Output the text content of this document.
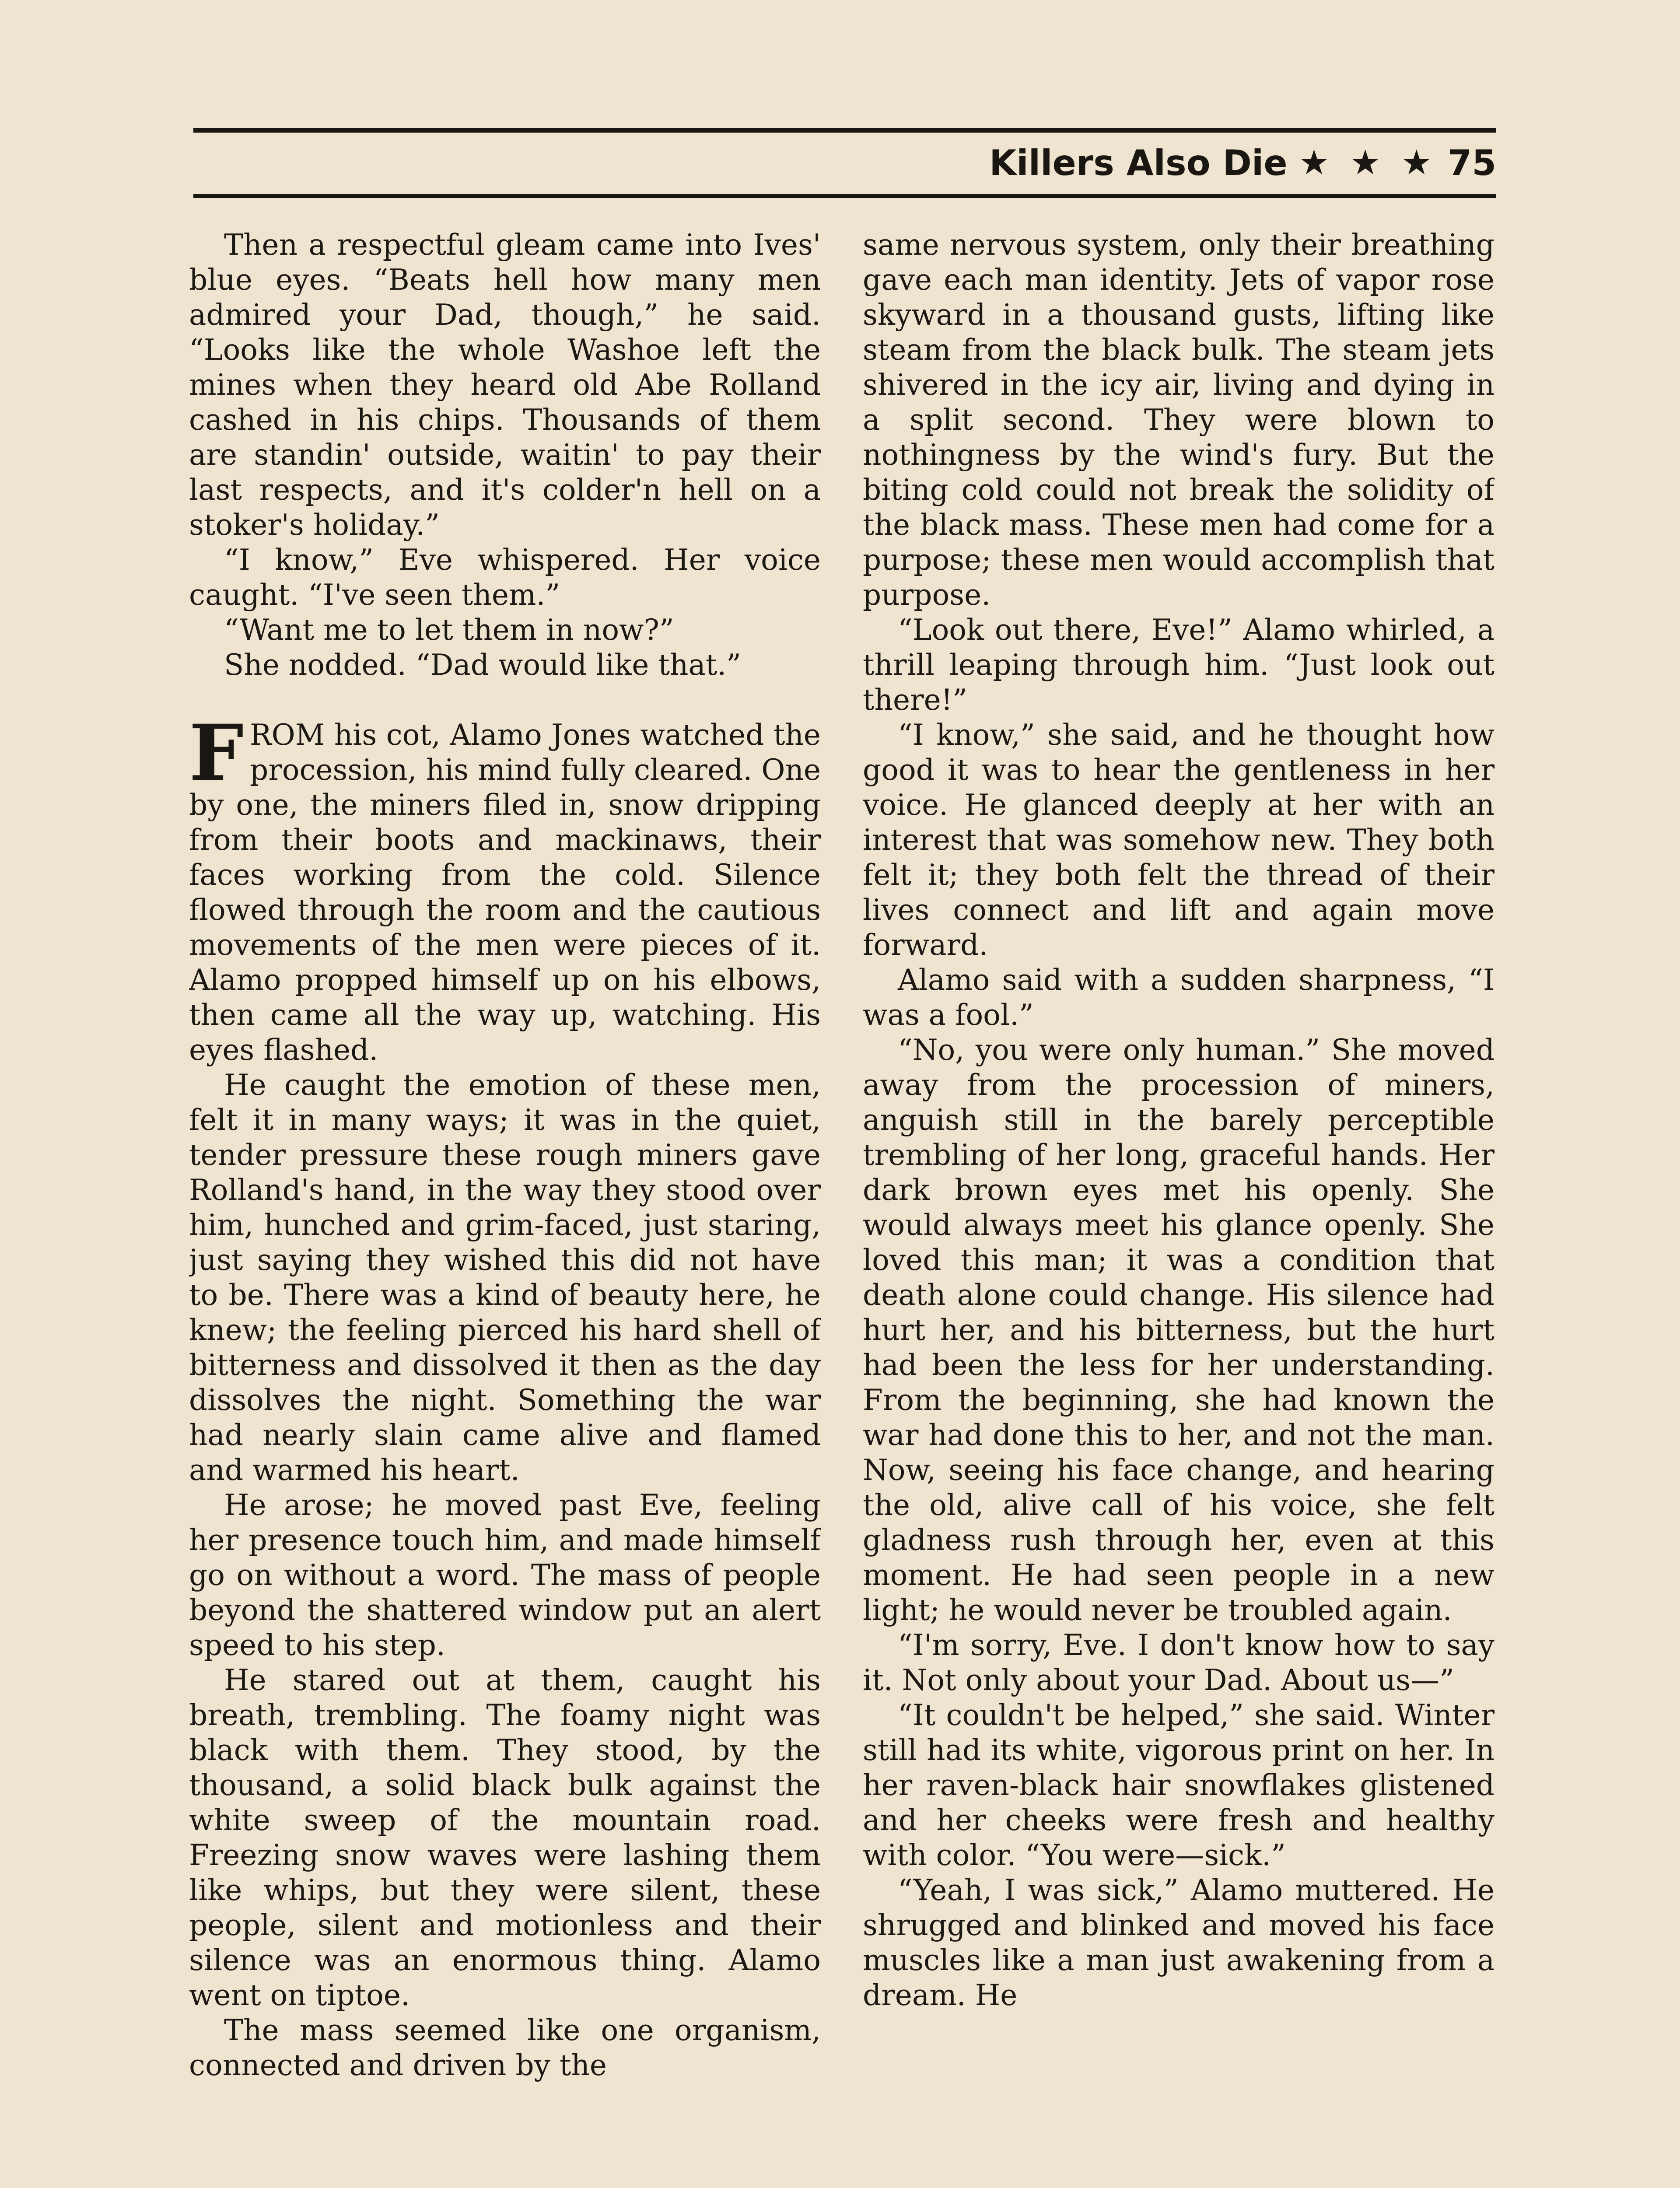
Killers Also Die ★ ★ ★ 75

Then a respectful gleam came into Ives' blue eyes. “Beats hell how many men admired your Dad, though,” he said. “Looks like the whole Washoe left the mines when they heard old Abe Rolland cashed in his chips. Thousands of them are standin' outside, waitin' to pay their last respects, and it's colder'n hell on a stoker's holiday.”

“I know,” Eve whispered. Her voice caught. “I've seen them.”

“Want me to let them in now?”

She nodded. “Dad would like that.”

FROM his cot, Alamo Jones watched the procession, his mind fully cleared. One by one, the miners filed in, snow dripping from their boots and mackinaws, their faces working from the cold. Silence flowed through the room and the cautious movements of the men were pieces of it. Alamo propped himself up on his elbows, then came all the way up, watching. His eyes flashed.

He caught the emotion of these men, felt it in many ways; it was in the quiet, tender pressure these rough miners gave Rolland's hand, in the way they stood over him, hunched and grim-faced, just staring, just saying they wished this did not have to be. There was a kind of beauty here, he knew; the feeling pierced his hard shell of bitterness and dissolved it then as the day dissolves the night. Something the war had nearly slain came alive and flamed and warmed his heart.

He arose; he moved past Eve, feeling her presence touch him, and made himself go on without a word. The mass of people beyond the shattered window put an alert speed to his step.

He stared out at them, caught his breath, trembling. The foamy night was black with them. They stood, by the thousand, a solid black bulk against the white sweep of the mountain road. Freezing snow waves were lashing them like whips, but they were silent, these people, silent and motionless and their silence was an enormous thing. Alamo went on tiptoe.

The mass seemed like one organism, connected and driven by the

same nervous system, only their breathing gave each man identity. Jets of vapor rose skyward in a thousand gusts, lifting like steam from the black bulk. The steam jets shivered in the icy air, living and dying in a split second. They were blown to nothingness by the wind's fury. But the biting cold could not break the solidity of the black mass. These men had come for a purpose; these men would accomplish that purpose.

“Look out there, Eve!” Alamo whirled, a thrill leaping through him. “Just look out there!”

“I know,” she said, and he thought how good it was to hear the gentleness in her voice. He glanced deeply at her with an interest that was somehow new. They both felt it; they both felt the thread of their lives connect and lift and again move forward.

Alamo said with a sudden sharpness, “I was a fool.”

“No, you were only human.” She moved away from the procession of miners, anguish still in the barely perceptible trembling of her long, graceful hands. Her dark brown eyes met his openly. She would always meet his glance openly. She loved this man; it was a condition that death alone could change. His silence had hurt her, and his bitterness, but the hurt had been the less for her understanding. From the beginning, she had known the war had done this to her, and not the man. Now, seeing his face change, and hearing the old, alive call of his voice, she felt gladness rush through her, even at this moment. He had seen people in a new light; he would never be troubled again.

“I'm sorry, Eve. I don't know how to say it. Not only about your Dad. About us—”

“It couldn't be helped,” she said. Winter still had its white, vigorous print on her. In her raven-black hair snowflakes glistened and her cheeks were fresh and healthy with color. “You were—sick.”

“Yeah, I was sick,” Alamo muttered. He shrugged and blinked and moved his face muscles like a man just awakening from a dream. He
